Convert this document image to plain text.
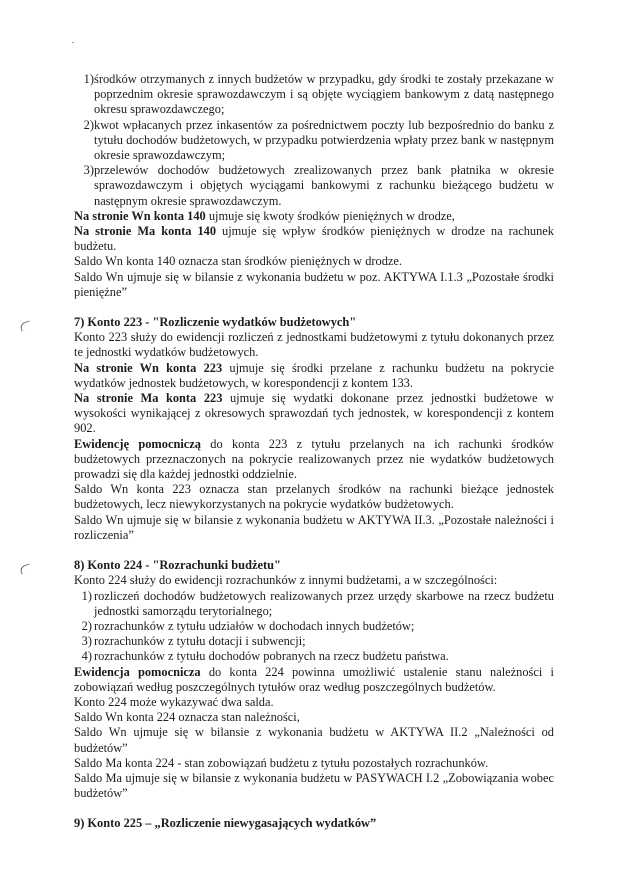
1) środków otrzymanych z innych budżetów w przypadku, gdy środki te zostały przekazane w poprzednim okresie sprawozdawczym i są objęte wyciągiem bankowym z datą następnego okresu sprawozdawczego;
2) kwot wpłacanych przez inkasentów za pośrednictwem poczty lub bezpośrednio do banku z tytułu dochodów budżetowych, w przypadku potwierdzenia wpłaty przez bank w następnym okresie sprawozdawczym;
3) przelewów dochodów budżetowych zrealizowanych przez bank płatnika w okresie sprawozdawczym i objętych wyciągami bankowymi z rachunku bieżącego budżetu w następnym okresie sprawozdawczym.

Na stronie Wn konta 140 ujmuje się kwoty środków pieniężnych w drodze,

Na stronie Ma konta 140 ujmuje się wpływ środków pieniężnych w drodze na rachunek budżetu.

Saldo Wn konta 140 oznacza stan środków pieniężnych w drodze.

Saldo Wn ujmuje się w bilansie z wykonania budżetu w poz. AKTYWA I.1.3 „Pozostałe środki pieniężne”

7) Konto 223 - "Rozliczenie wydatków budżetowych"

Konto 223 służy do ewidencji rozliczeń z jednostkami budżetowymi z tytułu dokonanych przez te jednostki wydatków budżetowych.

Na stronie Wn konta 223 ujmuje się środki przelane z rachunku budżetu na pokrycie wydatków jednostek budżetowych, w korespondencji z kontem 133.

Na stronie Ma konta 223 ujmuje się wydatki dokonane przez jednostki budżetowe w wysokości wynikającej z okresowych sprawozdań tych jednostek, w korespondencji z kontem 902.

Ewidencję pomocniczą do konta 223 z tytułu przelanych na ich rachunki środków budżetowych przeznaczonych na pokrycie realizowanych przez nie wydatków budżetowych prowadzi się dla każdej jednostki oddzielnie.

Saldo Wn konta 223 oznacza stan przelanych środków na rachunki bieżące jednostek budżetowych, lecz niewykorzystanych na pokrycie wydatków budżetowych.

Saldo Wn ujmuje się w bilansie z wykonania budżetu w AKTYWA II.3. „Pozostałe należności i rozliczenia”

8) Konto 224 - "Rozrachunki budżetu"

Konto 224 służy do ewidencji rozrachunków z innymi budżetami, a w szczególności:

1) rozliczeń dochodów budżetowych realizowanych przez urzędy skarbowe na rzecz budżetu jednostki samorządu terytorialnego;
2) rozrachunków z tytułu udziałów w dochodach innych budżetów;
3) rozrachunków z tytułu dotacji i subwencji;
4) rozrachunków z tytułu dochodów pobranych na rzecz budżetu państwa.

Ewidencja pomocnicza do konta 224 powinna umożliwić ustalenie stanu należności i zobowiązań według poszczególnych tytułów oraz według poszczególnych budżetów.

Konto 224 może wykazywać dwa salda.

Saldo Wn konta 224 oznacza stan należności,

Saldo Wn ujmuje się w bilansie z wykonania budżetu w AKTYWA II.2 „Należności od budżetów”

Saldo Ma konta 224 - stan zobowiązań budżetu z tytułu pozostałych rozrachunków.

Saldo Ma ujmuje się w bilansie z wykonania budżetu w PASYWACH I.2 „Zobowiązania wobec budżetów”

9) Konto 225 – „Rozliczenie niewygasających wydatków”
